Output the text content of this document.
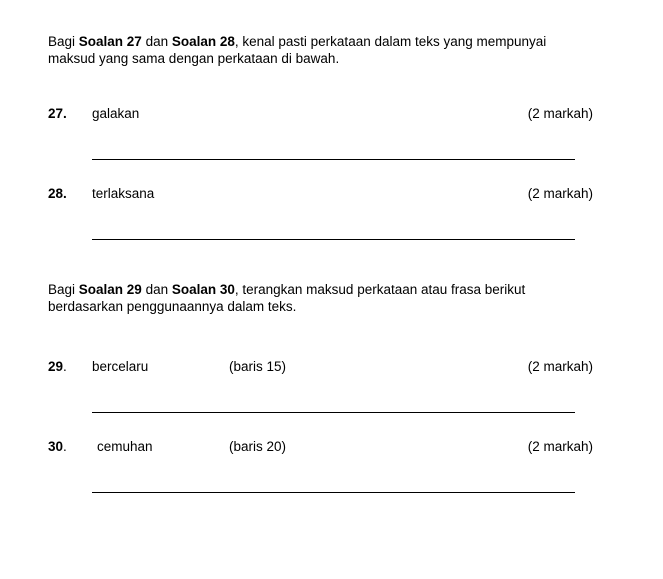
Bagi Soalan 27 dan Soalan 28, kenal pasti perkataan dalam teks yang mempunyai
maksud yang sama dengan perkataan di bawah.
27. galakan	(2 markah)
28. terlaksana	(2 markah)
Bagi Soalan 29 dan Soalan 30, terangkan maksud perkataan atau frasa berikut
berdasarkan penggunaannya dalam teks.
29. bercelaru	(baris 15)	(2 markah)
30. cemuhan	(baris 20)	(2 markah)
